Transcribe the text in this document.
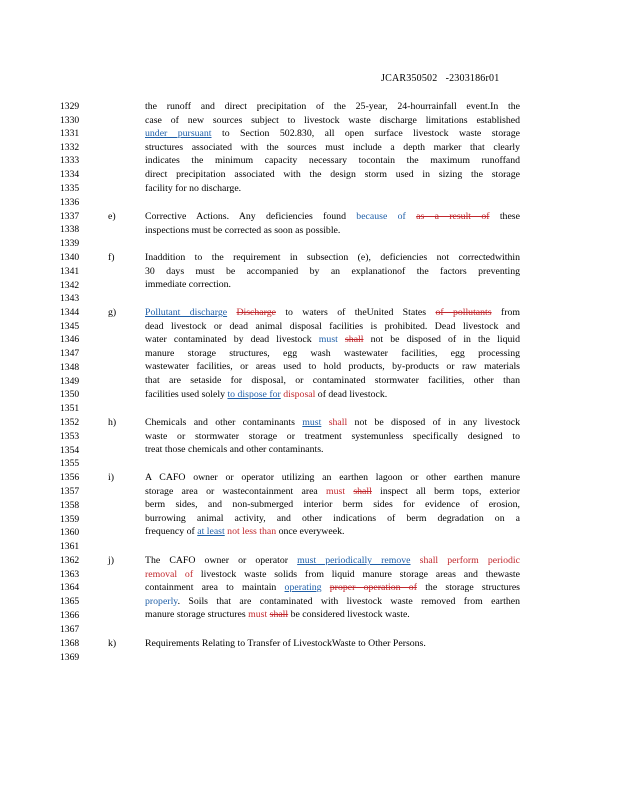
JCAR350502 -2303186r01
1329
1330
1331
1332
1333
1334
1335
1336
1337
1338
1339
1340
1341
1342
1343
1344
1345
1346
1347
1348
1349
1350
1351
1352
1353
1354
1355
1356
1357
1358
1359
1360
1361
1362
1363
1364
1365
1366
1367
1368
1369
the runoff and direct precipitation of the 25-year, 24-hourrainfall event.In the
case of new sources subject to livestock waste discharge limitations established
under pursuant to Section 502.830, all open surface livestock waste storage
structures associated with the sources must include a depth marker that clearly
indicates the minimum capacity necessary tocontain the maximum runoffand
direct precipitation associated with the design storm used in sizing the storage
facility for no discharge.
e)	Corrective Actions. Any deficiencies found because of as a result of these
inspections must be corrected as soon as possible.
f)	Inaddition to the requirement in subsection (e), deficiencies not correctedwithin
30 days must be accompanied by an explanationof the factors preventing
immediate correction.
g)	Pollutant discharge Discharge to waters of theUnited States of pollutants from
dead livestock or dead animal disposal facilities is prohibited. Dead livestock and
water contaminated by dead livestock must shall not be disposed of in the liquid
manure storage structures, egg wash wastewater facilities, egg processing
wastewater facilities, or areas used to hold products, by-products or raw materials
that are setaside for disposal, or contaminated stormwater facilities, other than
facilities used solely to dispose for disposal of dead livestock.
h)	Chemicals and other contaminants must shall not be disposed of in any livestock
waste or stormwater storage or treatment systemunless specifically designed to
treat those chemicals and other contaminants.
i)	A CAFO owner or operator utilizing an earthen lagoon or other earthen manure
storage area or wastecontainment area must shall inspect all berm tops, exterior
berm sides, and non-submerged interior berm sides for evidence of erosion,
burrowing animal activity, and other indications of berm degradation on a
frequency of at least not less than once everyweek.
j)	The CAFO owner or operator must periodically remove shall perform periodic
removal of livestock waste solids from liquid manure storage areas and thewaste
containment area to maintain operating proper operation of the storage structures
properly. Soils that are contaminated with livestock waste removed from earthen
manure storage structures must shall be considered livestock waste.
k)	Requirements Relating to Transfer of LivestockWaste to Other Persons.
